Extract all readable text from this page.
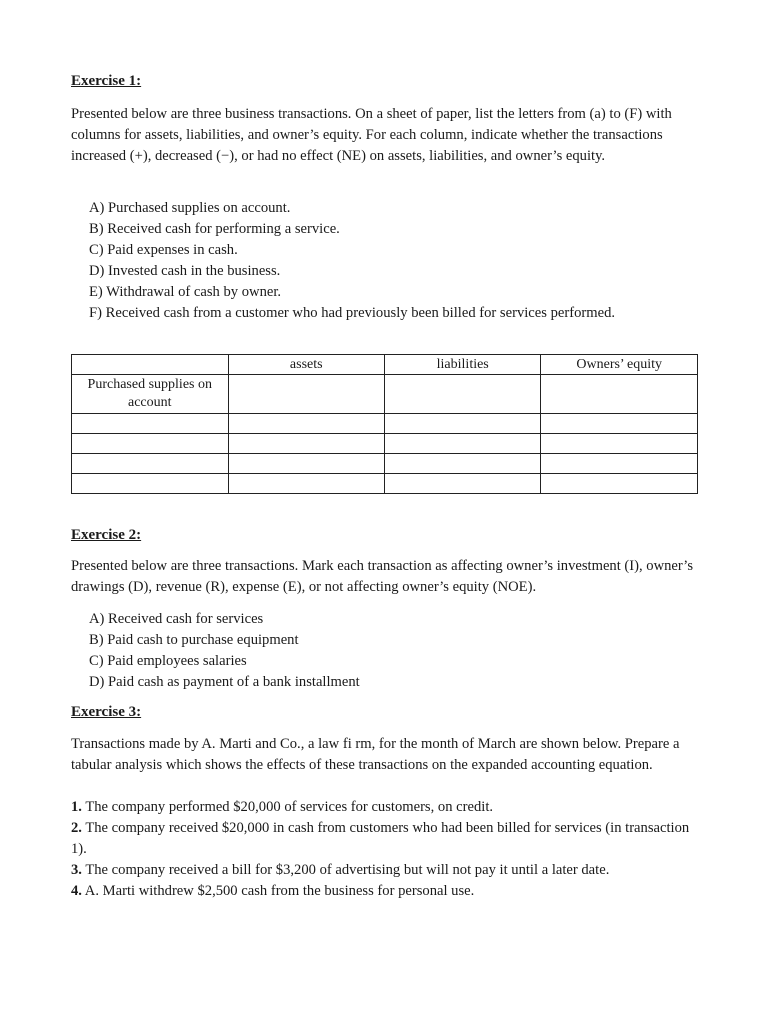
Exercise 1:
Presented below are three business transactions. On a sheet of paper, list the letters from (a) to (F) with columns for assets, liabilities, and owner’s equity. For each column, indicate whether the transactions increased (+), decreased (−), or had no effect (NE) on assets, liabilities, and owner’s equity.
A) Purchased supplies on account.
B) Received cash for performing a service.
C) Paid expenses in cash.
D) Invested cash in the business.
E) Withdrawal of cash by owner.
F) Received cash from a customer who had previously been billed for services performed.
	assets	liabilities	Owners’ equity
Purchased supplies on account			

Exercise 2:
Presented below are three transactions. Mark each transaction as affecting owner’s investment (I), owner’s drawings (D), revenue (R), expense (E), or not affecting owner’s equity (NOE).
A) Received cash for services
B) Paid cash to purchase equipment
C) Paid employees salaries
D) Paid cash as payment of a bank installment
Exercise 3:
Transactions made by A. Marti and Co., a law fi rm, for the month of March are shown below. Prepare a tabular analysis which shows the effects of these transactions on the expanded accounting equation.
1. The company performed $20,000 of services for customers, on credit.
2. The company received $20,000 in cash from customers who had been billed for services (in transaction 1).
3. The company received a bill for $3,200 of advertising but will not pay it until a later date.
4. A. Marti withdrew $2,500 cash from the business for personal use.
